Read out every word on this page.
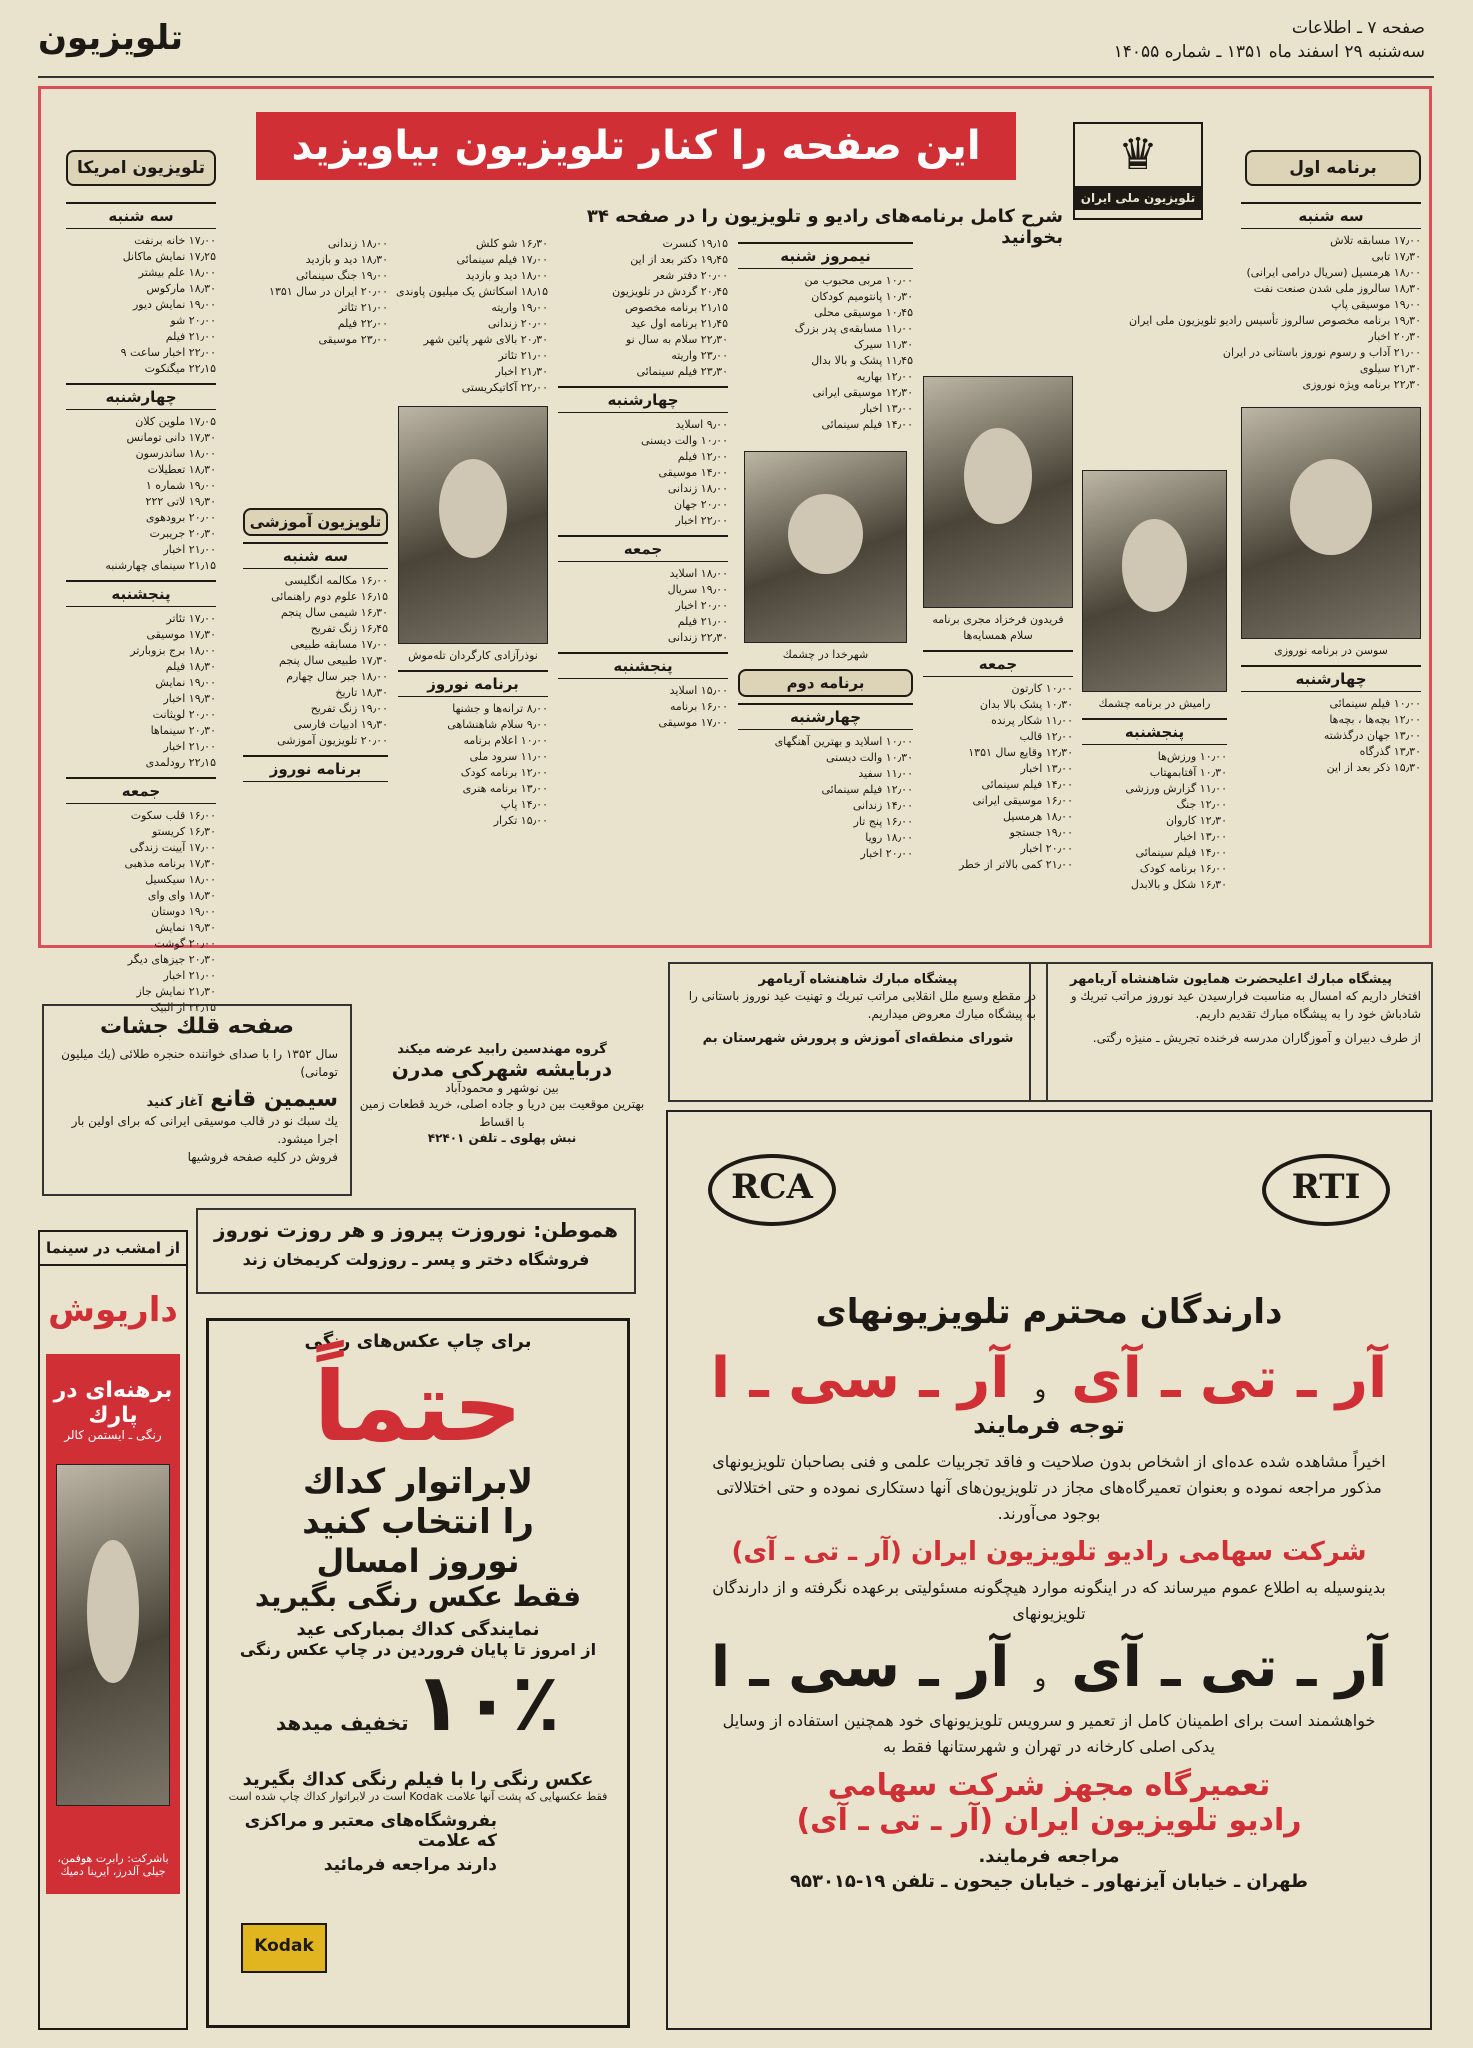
تلويزيون	صفحه ۷ ـ اطلاعات
سه‌شنبه ۲۹ اسفند ماه ۱۳۵۱ ـ شماره ۱۴۰۵۵
این صفحه را کنار تلویزیون بیاویزید	♛
تلويزيون ملی ايران
شرح کامل برنامه‌های رادیو و تلویزیون را در صفحه ۳۴ بخوانید
برنامه اول
تلويزيون امريكا
سه شنبه
۱۷٫۰۰ مسابقه تلاش
۱۷٫۳۰ تابی
۱۸٫۰۰ هرمسيل (سريال درامی ايرانی)
۱۸٫۳۰ سالروز ملی شدن صنعت نفت
۱۹٫۰۰ موسيقی پاپ
۱۹٫۳۰ برنامه مخصوص سالروز تأسيس راديو تلويزيون ملی ايران
۲۰٫۳۰ اخبار
۲۱٫۰۰ آداب و رسوم نوروز باستانی در ايران
۲۱٫۳۰ سيلوی
۲۲٫۳۰ برنامه ويژه نوروزی
سوسن در برنامه نوروزی
چهارشنبه
۱۰٫۰۰ فيلم سينمائی
۱۲٫۰۰ بچه‌ها ، بچه‌ها
۱۳٫۰۰ جهان درگذشته
۱۳٫۳۰ گذرگاه
۱۵٫۳۰ ذکر بعد از اين
راميش در برنامه چشمك
پنجشنبه
۱۰٫۰۰ ورزش‌ها
۱۰٫۳۰ آفتابمهتاب
۱۱٫۰۰ گزارش ورزشی
۱۲٫۰۰ جنگ
۱۲٫۳۰ کاروان
۱۳٫۰۰ اخبار
۱۴٫۰۰ فيلم سينمائی
۱۶٫۰۰ برنامه کودک
۱۶٫۳۰ شکل و بالابدل
فريدون فرخزاد مجری برنامه سلام همسايه‌ها
جمعه
۱۰٫۰۰ کارتون
۱۰٫۳۰ پشک بالا بدان
۱۱٫۰۰ شکار پرنده
۱۲٫۰۰ قالب
۱۲٫۳۰ وقايع سال ۱۳۵۱
۱۳٫۰۰ اخبار
۱۴٫۰۰ فيلم سينمائی
۱۶٫۰۰ موسيقی ايرانی
۱۸٫۰۰ هرمسيل
۱۹٫۰۰ جستجو
۲۰٫۰۰ اخبار
۲۱٫۰۰ کمی بالاتر از خطر
نيمروز شنبه
۱۰٫۰۰ مربی محبوب من
۱۰٫۳۰ پانتوميم کودکان
۱۰٫۴۵ موسيقی محلی
۱۱٫۰۰ مسابقه‌ی پدر بزرگ
۱۱٫۳۰ سيرک
۱۱٫۴۵ پشک و بالا بدال
۱۲٫۰۰ بهاريه
۱۲٫۳۰ موسيقی ايرانی
۱۳٫۰۰ اخبار
۱۴٫۰۰ فيلم سينمائی
شهرخدا در چشمك
برنامه دوم
چهارشنبه
۱۰٫۰۰ اسلايد و بهترين آهنگهای
۱۰٫۳۰ والت ديسنی
۱۱٫۰۰ سفيد
۱۲٫۰۰ فيلم سينمائی
۱۴٫۰۰ زندانی
۱۶٫۰۰ پنج تار
۱۸٫۰۰ رويا
۲۰٫۰۰ اخبار
۱۹٫۱۵ کنسرت
۱۹٫۴۵ دکتر بعد از اين
۲۰٫۰۰ دفتر شعر
۲۰٫۴۵ گردش در تلويزيون
۲۱٫۱۵ برنامه مخصوص
۲۱٫۴۵ برنامه اول عيد
۲۲٫۳۰ سلام به سال نو
۲۳٫۰۰ واريته
۲۳٫۳۰ فيلم سينمائی
چهارشنبه
۹٫۰۰ اسلايد
۱۰٫۰۰ والت ديسنی
۱۲٫۰۰ فيلم
۱۴٫۰۰ موسيقی
۱۸٫۰۰ زندانی
۲۰٫۰۰ جهان
۲۲٫۰۰ اخبار
جمعه
۱۸٫۰۰ اسلايد
۱۹٫۰۰ سريال
۲۰٫۰۰ اخبار
۲۱٫۰۰ فيلم
۲۲٫۳۰ زندانی
پنجشنبه
۱۵٫۰۰ اسلايد
۱۶٫۰۰ برنامه
۱۷٫۰۰ موسيقی
۱۶٫۳۰ شو کلش
۱۷٫۰۰ فيلم سينمائی
۱۸٫۰۰ ديد و بازديد
۱۸٫۱۵ اسکاتش يک ميليون پاوندی
۱۹٫۰۰ واريته
۲۰٫۰۰ زندانی
۲۰٫۳۰ بالای شهر پائين شهر
۲۱٫۰۰ تئاتر
۲۱٫۳۰ اخبار
۲۲٫۰۰ آکاتيکريستی
نوذرآزادی کارگردان تله‌موش
برنامه نوروز
۸٫۰۰ ترانه‌ها و جشنها
۹٫۰۰ سلام شاهنشاهی
۱۰٫۰۰ اعلام برنامه
۱۱٫۰۰ سرود ملی
۱۲٫۰۰ برنامه کودک
۱۳٫۰۰ برنامه هنری
۱۴٫۰۰ پاپ
۱۵٫۰۰ تکرار
۱۸٫۰۰ زندانی
۱۸٫۳۰ ديد و بازديد
۱۹٫۰۰ جنگ سينمائی
۲۰٫۰۰ ايران در سال ۱۳۵۱
۲۱٫۰۰ تئاتر
۲۲٫۰۰ فيلم
۲۳٫۰۰ موسيقی
تلويزيون آموزشی
سه شنبه
۱۶٫۰۰ مکالمه انگليسی
۱۶٫۱۵ علوم دوم راهنمائی
۱۶٫۳۰ شيمی سال پنجم
۱۶٫۴۵ زنگ تفريح
۱۷٫۰۰ مسابقه طبيعی
۱۷٫۳۰ طبيعی سال پنجم
۱۸٫۰۰ جبر سال چهارم
۱۸٫۳۰ تاريخ
۱۹٫۰۰ زنگ تفريح
۱۹٫۳۰ ادبيات فارسی
۲۰٫۰۰ تلويزيون آموزشی
برنامه نوروز
سه شنبه
۱۷٫۰۰ خانه برنفت
۱۷٫۲۵ نمايش ماکانل
۱۸٫۰۰ علم بيشتر
۱۸٫۳۰ مارکوس
۱۹٫۰۰ نمايش ديور
۲۰٫۰۰ شو
۲۱٫۰۰ فيلم
۲۲٫۰۰ اخبار ساعت ۹
۲۲٫۱۵ ميگنکوت
چهارشنبه
۱۷٫۰۵ ملوين کلان
۱۷٫۳۰ دانی تومانس
۱۸٫۰۰ ساندرسون
۱۸٫۳۰ تعطيلات
۱۹٫۰۰ شماره ۱
۱۹٫۳۰ لاتی ۲۲۲
۲۰٫۰۰ برودهوی
۲۰٫۳۰ جريبرت
۲۱٫۰۰ اخبار
۲۱٫۱۵ سينمای چهارشنبه
پنجشنبه
۱۷٫۰۰ تئاتر
۱۷٫۳۰ موسيقی
۱۸٫۰۰ برج بزوبارتر
۱۸٫۳۰ فيلم
۱۹٫۰۰ نمايش
۱۹٫۳۰ اخبار
۲۰٫۰۰ لويثانت
۲۰٫۳۰ سينماها
۲۱٫۰۰ اخبار
۲۲٫۱۵ رودلمدی
جمعه
۱۶٫۰۰ قلب سکوت
۱۶٫۳۰ کريستو
۱۷٫۰۰ آيينت زندگی
۱۷٫۳۰ برنامه مذهبی
۱۸٫۰۰ سيکسيل
۱۸٫۳۰ وای وای
۱۹٫۰۰ دوستان
۱۹٫۳۰ نمايش
۲۰٫۰۰ گوشت
۲۰٫۳۰ جيزهای ديگر
۲۱٫۰۰ اخبار
۲۱٫۳۰ نمايش جاز
۲۲٫۱۵ از البيک
پيشگاه مبارك اعليحضرت همايون شاهنشاه آريامهر
افتخار داريم که امسال به مناسبت فرارسيدن عيد نوروز مراتب تبريك و شادباش خود را به پيشگاه مبارك تقديم داريم.
از طرف دبيران و آموزگاران مدرسه فرخنده تجريش ـ منيژه رگتی.
پيشگاه مبارك شاهنشاه آريامهر
در مقطع وسيع ملل انقلابی مراتب تبريك و تهنيت عيد نوروز باستانی را به پيشگاه مبارك معروض ميداريم.
شورای منطقه‌ای آموزش و پرورش شهرستان بم
صفحه قلك جشات
سال ۱۳۵۲ را با صدای خواننده حنجره طلائی (يك ميليون تومانی)
سيمين قانع آغاز کنيد
يك سبك نو در قالب موسيقی ايرانی که برای اولين بار اجرا ميشود.
فروش در کليه صفحه فروشيها
گروه مهندسين رابيد عرضه ميکند
دربايشه شهرکی مدرن
بين نوشهر و محمودآباد
بهترين موقعيت بين دريا و جاده اصلی، خريد قطعات زمين با اقساط
نبش پهلوی ـ تلفن ۴۲۴۰۱
هموطن: نوروزت پيروز و هر روزت نوروز
فروشگاه دختر و پسر ـ روزولت کريمخان زند
از امشب در سينما
داريوش
برهنه‌ای در پارك
رنگی ـ ايستمن کالر
باشرکت: رابرت هوفمن، جيلی آلدرز، ايرينا دميك
برای چاپ عکس‌های رنگی
حتماً
لابراتوار کداك
را انتخاب کنيد
نوروز امسال
فقط عکس رنگی بگيريد
نمايندگی کداك بمبارکی عيد
از امروز تا پايان فروردين در چاپ عکس رنگی
۱۰٪ تخفيف ميدهد
عکس رنگی را با فيلم رنگی کداك بگيريد
فقط عکسهايی که پشت آنها علامت Kodak است در لابراتوار کداك چاپ شده است
بفروشگاه‌های معتبر و مراکزی که علامت
دارند مراجعه فرمائيد
Kodak
RCA	RTI
دارندگان محترم تلويزيونهای
آر ـ تی ـ آی و آر ـ سی ـ ا
توجه فرمايند
اخيراً مشاهده شده عده‌ای از اشخاص بدون صلاحيت و فاقد تجربيات علمی و فنی بصاحبان تلويزيونهای مذکور مراجعه نموده و بعنوان تعميرگاه‌های مجاز در تلويزيون‌های آنها دستکاری نموده و حتی اختلالاتی بوجود می‌آورند.
شرکت سهامی راديو تلويزيون ايران (آر ـ تی ـ آی)
بدينوسيله به اطلاع عموم ميرساند که در اينگونه موارد هيچگونه مسئوليتی برعهده نگرفته و از دارندگان تلويزيونهای
آر ـ تی ـ آی و آر ـ سی ـ ا
خواهشمند است برای اطمينان کامل از تعمير و سرويس تلويزيونهای خود همچنين استفاده از وسايل يدکی اصلی کارخانه در تهران و شهرستانها فقط به
تعميرگاه مجهز شرکت سهامی
راديو تلويزيون ايران (آر ـ تی ـ آی)
مراجعه فرمايند.
طهران ـ خيابان آيزنهاور ـ خيابان جيحون ـ تلفن ۱۹-۹۵۳۰۱۵
